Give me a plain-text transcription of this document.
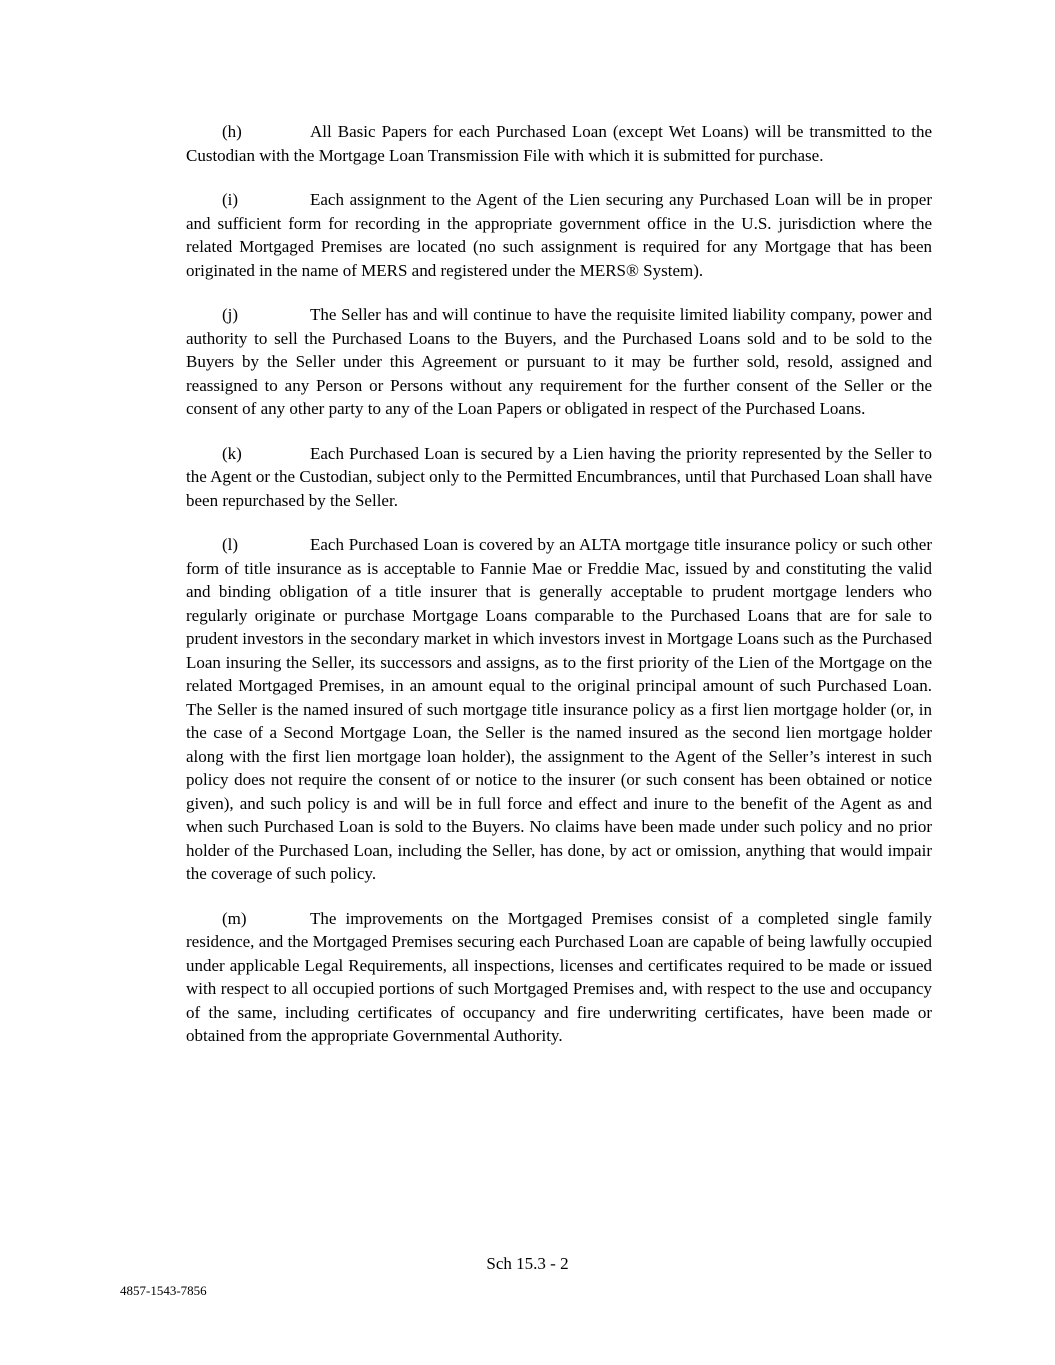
(h)	All Basic Papers for each Purchased Loan (except Wet Loans) will be transmitted to the Custodian with the Mortgage Loan Transmission File with which it is submitted for purchase.

(i)	Each assignment to the Agent of the Lien securing any Purchased Loan will be in proper and sufficient form for recording in the appropriate government office in the U.S. jurisdiction where the related Mortgaged Premises are located (no such assignment is required for any Mortgage that has been originated in the name of MERS and registered under the MERS® System).

(j)	The Seller has and will continue to have the requisite limited liability company, power and authority to sell the Purchased Loans to the Buyers, and the Purchased Loans sold and to be sold to the Buyers by the Seller under this Agreement or pursuant to it may be further sold, resold, assigned and reassigned to any Person or Persons without any requirement for the further consent of the Seller or the consent of any other party to any of the Loan Papers or obligated in respect of the Purchased Loans.

(k)	Each Purchased Loan is secured by a Lien having the priority represented by the Seller to the Agent or the Custodian, subject only to the Permitted Encumbrances, until that Purchased Loan shall have been repurchased by the Seller.

(l)	Each Purchased Loan is covered by an ALTA mortgage title insurance policy or such other form of title insurance as is acceptable to Fannie Mae or Freddie Mac, issued by and constituting the valid and binding obligation of a title insurer that is generally acceptable to prudent mortgage lenders who regularly originate or purchase Mortgage Loans comparable to the Purchased Loans that are for sale to prudent investors in the secondary market in which investors invest in Mortgage Loans such as the Purchased Loan insuring the Seller, its successors and assigns, as to the first priority of the Lien of the Mortgage on the related Mortgaged Premises, in an amount equal to the original principal amount of such Purchased Loan. The Seller is the named insured of such mortgage title insurance policy as a first lien mortgage holder (or, in the case of a Second Mortgage Loan, the Seller is the named insured as the second lien mortgage holder along with the first lien mortgage loan holder), the assignment to the Agent of the Seller’s interest in such policy does not require the consent of or notice to the insurer (or such consent has been obtained or notice given), and such policy is and will be in full force and effect and inure to the benefit of the Agent as and when such Purchased Loan is sold to the Buyers. No claims have been made under such policy and no prior holder of the Purchased Loan, including the Seller, has done, by act or omission, anything that would impair the coverage of such policy.

(m)	The improvements on the Mortgaged Premises consist of a completed single family residence, and the Mortgaged Premises securing each Purchased Loan are capable of being lawfully occupied under applicable Legal Requirements, all inspections, licenses and certificates required to be made or issued with respect to all occupied portions of such Mortgaged Premises and, with respect to the use and occupancy of the same, including certificates of occupancy and fire underwriting certificates, have been made or obtained from the appropriate Governmental Authority.

Sch 15.3 - 2
4857-1543-7856
